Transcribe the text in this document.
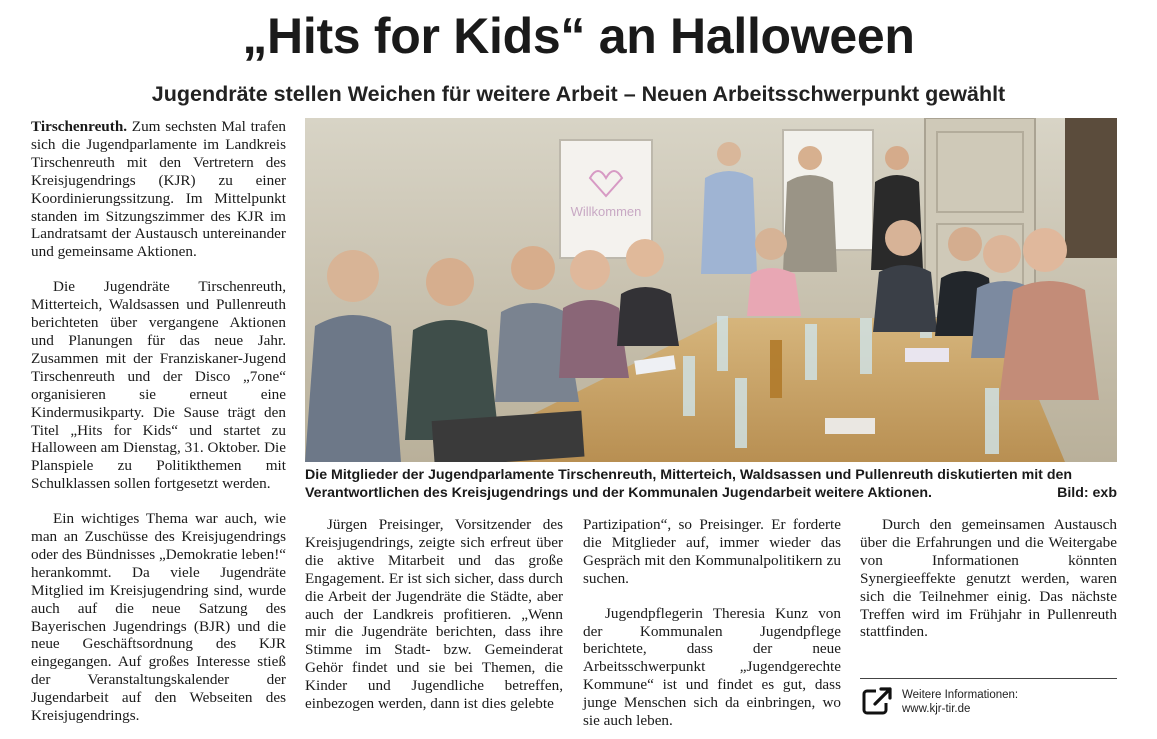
„Hits for Kids“ an Halloween
Jugendräte stellen Weichen für weitere Arbeit – Neuen Arbeitsschwerpunkt gewählt

Tirschenreuth. Zum sechsten Mal trafen sich die Jugendparlamente im Landkreis Tirschenreuth mit den Vertretern des Kreisjugendrings (KJR) zu einer Koordinierungssitzung. Im Mittelpunkt standen im Sitzungszimmer des KJR im Landratsamt der Austausch untereinander und gemeinsame Aktionen.

Die Jugendräte Tirschenreuth, Mitterteich, Waldsassen und Pullenreuth berichteten über vergangene Aktionen und Planungen für das neue Jahr. Zusammen mit der Franziskaner-Jugend Tirschenreuth und der Disco „7one“ organisieren sie erneut eine Kindermusikparty. Die Sause trägt den Titel „Hits for Kids“ und startet zu Halloween am Dienstag, 31. Oktober. Die Planspiele zu Politikthemen mit Schulklassen sollen fortgesetzt werden.

Ein wichtiges Thema war auch, wie man an Zuschüsse des Kreisjugendrings oder des Bündnisses „Demokratie leben!“ herankommt. Da viele Jugendräte Mitglied im Kreisjugendring sind, wurde auch auf die neue Satzung des Bayerischen Jugendrings (BJR) und die neue Geschäftsordnung des KJR eingegangen. Auf großes Interesse stieß der Veranstaltungskalender der Jugendarbeit auf den Webseiten des Kreisjugendrings.

Willkommen
Die Mitglieder der Jugendparlamente Tirschenreuth, Mitterteich, Waldsassen und Pullenreuth diskutierten mit den Verantwortlichen des Kreisjugendrings und der Kommunalen Jugendarbeit weitere Aktionen.	Bild: exb

Jürgen Preisinger, Vorsitzender des Kreisjugendrings, zeigte sich erfreut über die aktive Mitarbeit und das große Engagement. Er ist sich sicher, dass durch die Arbeit der Jugendräte die Städte, aber auch der Landkreis profitieren. „Wenn mir die Jugendräte berichten, dass ihre Stimme im Stadt- bzw. Gemeinderat Gehör findet und sie bei Themen, die Kinder und Jugendliche betreffen, einbezogen werden, dann ist dies gelebte

Partizipation“, so Preisinger. Er forderte die Mitglieder auf, immer wieder das Gespräch mit den Kommunalpolitikern zu suchen.

Jugendpflegerin Theresia Kunz von der Kommunalen Jugendpflege berichtete, dass der neue Arbeitsschwerpunkt „Jugendgerechte Kommune“ ist und findet es gut, dass junge Menschen sich da einbringen, wo sie auch leben.

Durch den gemeinsamen Austausch über die Erfahrungen und die Weitergabe von Informationen könnten Synergieeffekte genutzt werden, waren sich die Teilnehmer einig. Das nächste Treffen wird im Frühjahr in Pullenreuth stattfinden.

Weitere Informationen:
www.kjr-tir.de
